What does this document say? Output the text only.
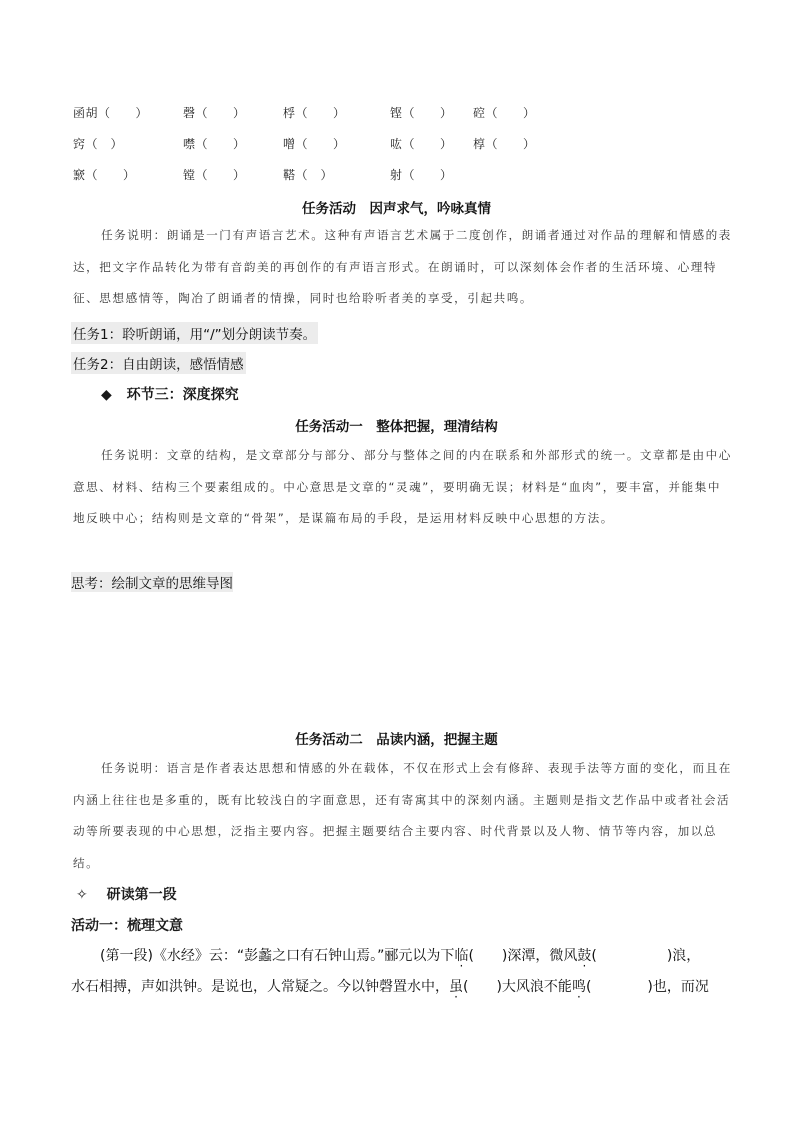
函胡（　　）	磬（　　）	桴（　　）	铿（　　） 硿（　　）
窍（　）	噤（　　）	噌（　　）	吰（　　） 椁（　　）
窾（　　）	镗（　　）	鞳（　）	射（　　）
任务活动　因声求气，吟咏真情
任务说明：朗诵是一门有声语言艺术。这种有声语言艺术属于二度创作，朗诵者通过对作品的理解和情感的表达，把文字作品转化为带有音韵美的再创作的有声语言形式。在朗诵时，可以深刻体会作者的生活环境、心理特征、思想感情等，陶冶了朗诵者的情操，同时也给聆听者美的享受，引起共鸣。
任务1：聆听朗诵，用“/”划分朗读节奏。
任务2：自由朗读，感悟情感
◆ 环节三：深度探究
任务活动一　整体把握，理清结构
任务说明：文章的结构，是文章部分与部分、部分与整体之间的内在联系和外部形式的统一。文章都是由中心意思、材料、结构三个要素组成的。中心意思是文章的“灵魂”，要明确无误；材料是“血肉”，要丰富，并能集中地反映中心；结构则是文章的“骨架”，是谋篇布局的手段，是运用材料反映中心思想的方法。
思考：绘制文章的思维导图
任务活动二　品读内涵，把握主题
任务说明：语言是作者表达思想和情感的外在载体，不仅在形式上会有修辞、表现手法等方面的变化，而且在内涵上往往也是多重的，既有比较浅白的字面意思，还有寄寓其中的深刻内涵。主题则是指文艺作品中或者社会活动等所要表现的中心思想，泛指主要内容。把握主题要结合主要内容、时代背景以及人物、情节等内容，加以总结。
✧ 研读第一段
活动一：梳理文意
(第一段)《水经》云：“彭蠡之口有石钟山焉。”郦元以为下临(　　)深潭，微风鼓(　　　　　)浪，
水石相搏，声如洪钟。是说也，人常疑之。今以钟磬置水中，虽(　　)大风浪不能鸣(　　　　)也，而况
